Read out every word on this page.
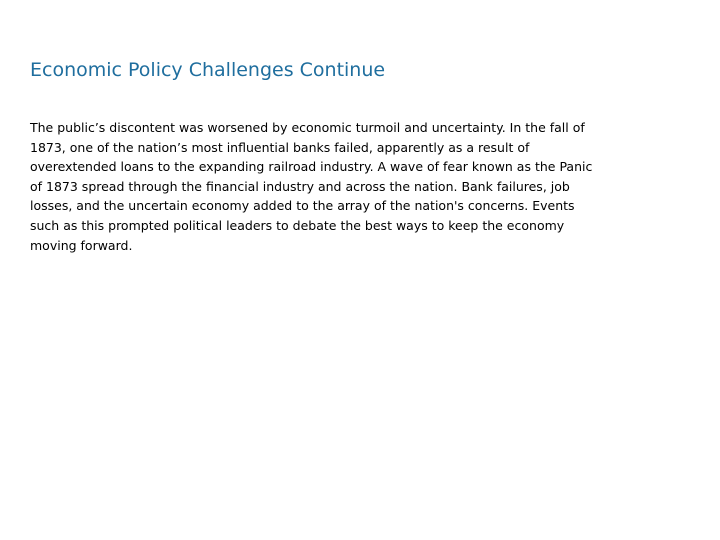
Economic Policy Challenges Continue
The public’s discontent was worsened by economic turmoil and uncertainty. In the fall of
1873, one of the nation’s most influential banks failed, apparently as a result of
overextended loans to the expanding railroad industry. A wave of fear known as the Panic
of 1873 spread through the financial industry and across the nation. Bank failures, job
losses, and the uncertain economy added to the array of the nation's concerns. Events
such as this prompted political leaders to debate the best ways to keep the economy
moving forward.
